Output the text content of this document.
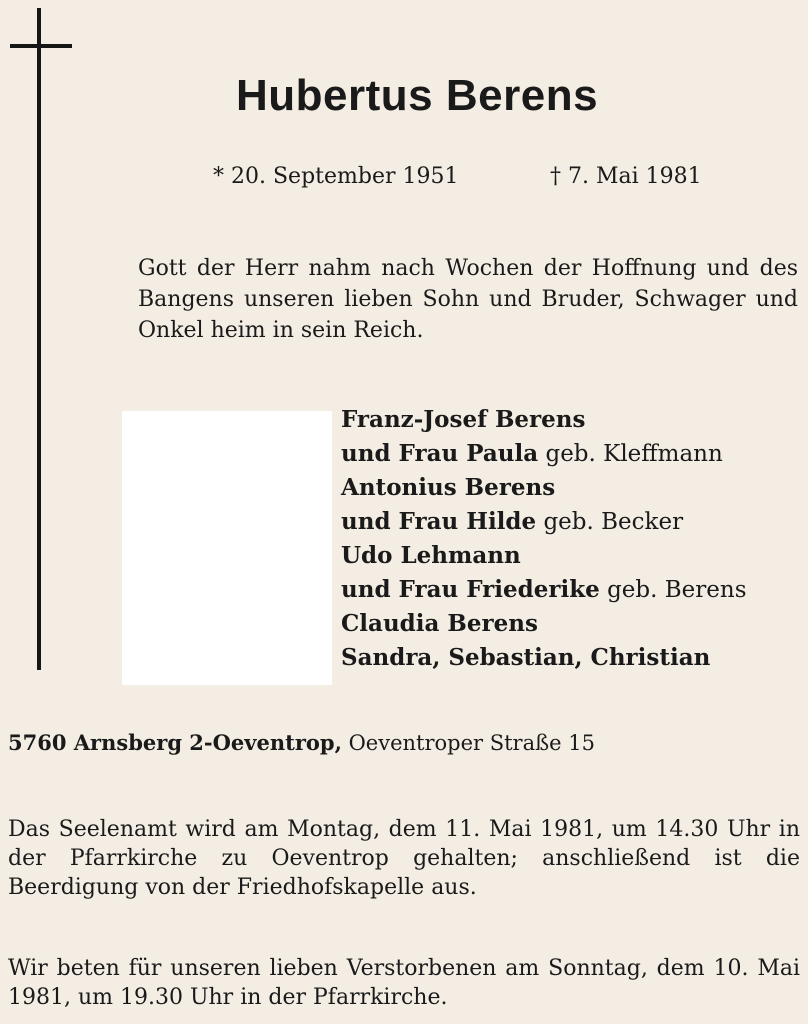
Hubertus Berens
* 20. September 1951	† 7. Mai 1981

Gott der Herr nahm nach Wochen der Hoffnung und des Bangens unseren lieben Sohn und Bruder, Schwager und Onkel heim in sein Reich.

Franz-Josef Berens
und Frau Paula geb. Kleffmann
Antonius Berens
und Frau Hilde geb. Becker
Udo Lehmann
und Frau Friederike geb. Berens
Claudia Berens
Sandra, Sebastian, Christian
5760 Arnsberg 2-Oeventrop, Oeventroper Straße 15

Das Seelenamt wird am Montag, dem 11. Mai 1981, um 14.30 Uhr in der Pfarrkirche zu Oeventrop gehalten; anschließend ist die Beerdigung von der Friedhofskapelle aus.

Wir beten für unseren lieben Verstorbenen am Sonntag, dem 10. Mai 1981, um 19.30 Uhr in der Pfarrkirche.
